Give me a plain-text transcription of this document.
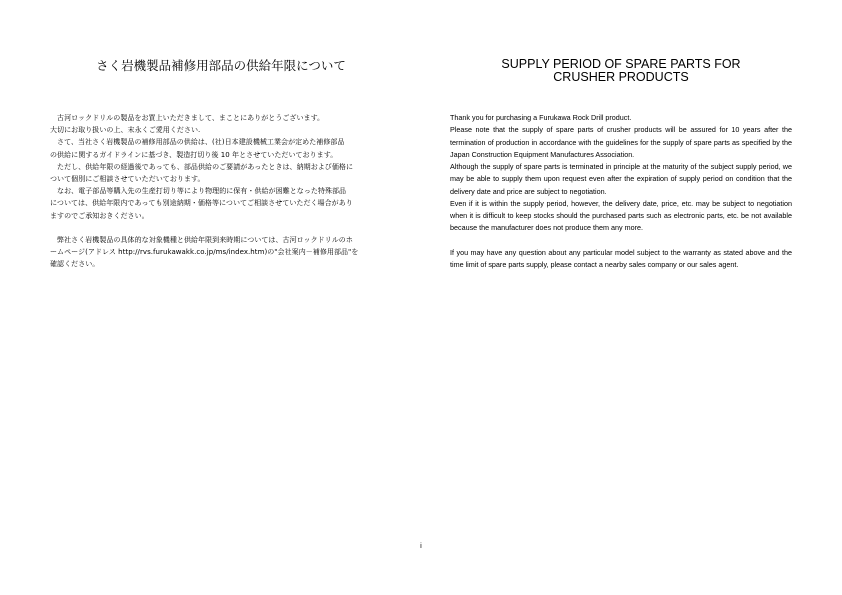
さく岩機製品補修用部品の供給年限について

　古河ロックドリルの製品をお買上いただきまして、まことにありがとうございます。

大切にお取り扱いの上、末永くご愛用ください.

　さて、当社さく岩機製品の補修用部品の供給は、(社)日本建設機械工業会が定めた補修部品

の供給に関するガイドラインに基づき、製造打切り後 10 年とさせていただいております。

　ただし、供給年限の経過後であっても、部品供給のご要請があったときは、納期および価格に

ついて個別にご相談させていただいております。

　なお、電子部品等購入先の生産打切り等により物理的に保有・供給が困難となった特殊部品

については、供給年限内であっても別途納期・価格等についてご相談させていただく場合があり

ますのでご承知おきください。

　弊社さく岩機製品の具体的な対象機種と供給年限到来時期については、古河ロックドリルのホ

ームページ(アドレス http://rvs.furukawakk.co.jp/ms/index.htm)の"会社案内－補修用部品"を

確認ください。

SUPPLY PERIOD OF SPARE PARTS FOR
CRUSHER PRODUCTS

Thank you for purchasing a Furukawa Rock Drill product.

Please note that the supply of spare parts of crusher products will be assured for 10 years after the termination of production in accordance with the guidelines for the supply of spare parts as specified by the Japan Construction Equipment Manufactures Association.

Although the supply of spare parts is terminated in principle at the maturity of the subject supply period, we may be able to supply them upon request even after the expiration of supply period on condition that the delivery date and price are subject to negotiation.

Even if it is within the supply period, however, the delivery date, price, etc. may be subject to negotiation when it is difficult to keep stocks should the purchased parts such as electronic parts, etc. be not available because the manufacturer does not produce them any more.

If you may have any question about any particular model subject to the warranty as stated above and the time limit of spare parts supply, please contact a nearby sales company or our sales agent.

i
